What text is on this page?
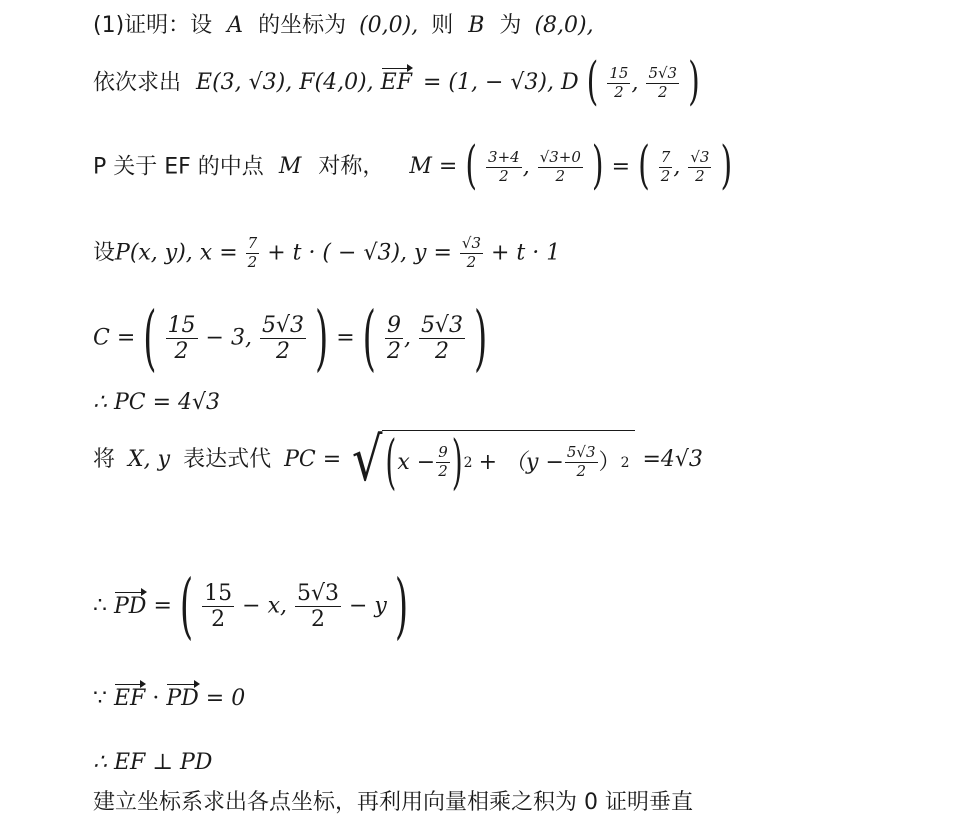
(1)证明：设 A 的坐标为 (0,0), 则 B 为 (8,0),
依次求出 E(3, √3), F(4,0), EF = (1, − √3), D ( $\frac{15}{2}$ , $\frac{5√3}{2}$ )
P 关于 EF 的中点 M 对称， M = ( $\frac{3+4}{2}$ , $\frac{√3+0}{2}$ ) = ( $\frac{7}{2}$ , $\frac{√3}{2}$ )
设P(x, y), $x = \frac{7}{2} + t$ · ( − √3), $y = \frac{√3}{2} + t \cdot 1$
C = ( $\frac{15}{2} - 3$, $\frac{5√3}{2}$ ) = ( $\frac{9}{2}$ , $\frac{5√3}{2}$ )
∴ PC = 4√3
将 X, y 表达式代 PC = √ ( $x - \frac{9}{2}$ ) $2 + (y - \frac{5√3}{2}$ ） 2 =4√3
∴ PD = ( $\frac{15}{2} - x$, $\frac{5√3}{2} - y$ )
∵ EF · PD = 0
∴ EF ⊥ PD
建立坐标系求出各点坐标，再利用向量相乘之积为 0 证明垂直
